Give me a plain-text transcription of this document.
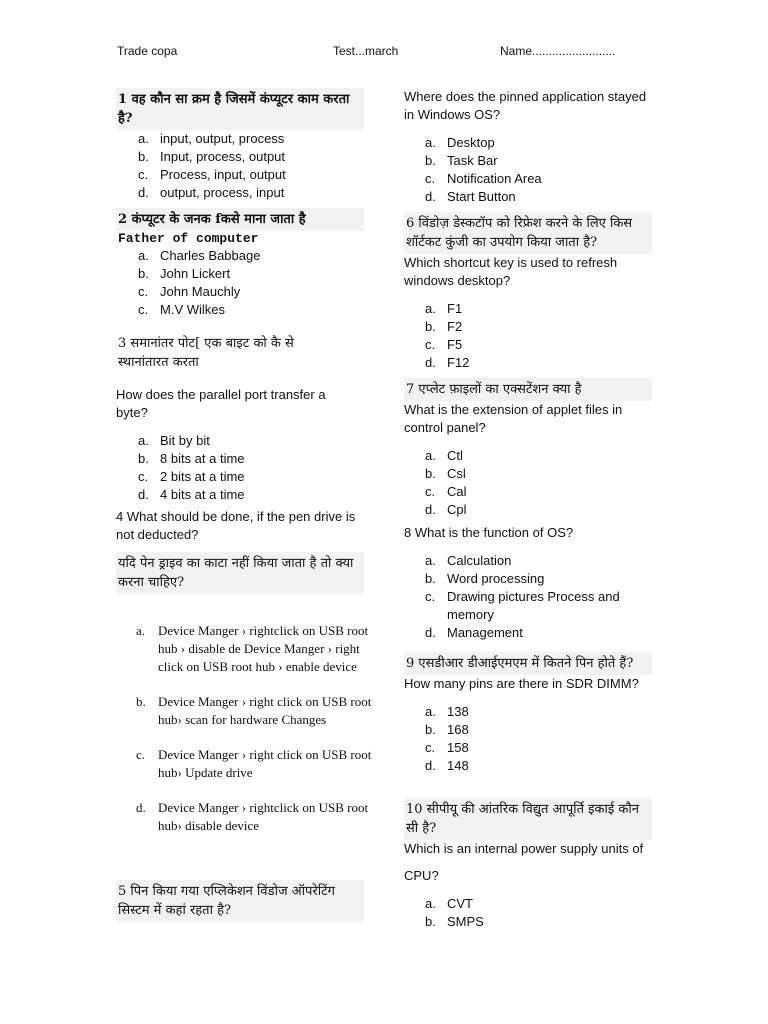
Trade copa	Test...march	Name.........................
1 वह कौन सा क्रम है जिसमें कंप्यूटर काम करता है?
a. input, output, process
b. Input, process, output
c. Process, input, output
d. output, process, input
2 कंप्यूटर के जनक fकसे माना जाता है
Father of computer
a. Charles Babbage
b. John Lickert
c. John Mauchly
c. M.V Wilkes
3 समानांतर पोट[ एक बाइट को कै से स्थानांतारत करता
How does the parallel port transfer a byte?
a. Bit by bit
b. 8 bits at a time
c. 2 bits at a time
d. 4 bits at a time
4 What should be done, if the pen drive is not deducted?
यदि पेन ड्राइव का काटा नहीं किया जाता है तो क्या करना चाहिए?
a. Device Manger › rightclick on USB root hub › disable de Device Manger › right click on USB root hub › enable device
b. Device Manger › right click on USB root hub› scan for hardware Changes
c. Device Manger › right click on USB root hub› Update drive
d. Device Manger › rightclick on USB root hub› disable device
5 पिन किया गया एप्लिकेशन विंडोज ऑपरेटिंग सिस्टम में कहां रहता है?
Where does the pinned application stayed in Windows OS?
a. Desktop
b. Task Bar
c. Notification Area
d. Start Button
6 विंडोज़ डेस्कटॉप को रिफ्रेश करने के लिए किस शॉर्टकट कुंजी का उपयोग किया जाता है?
Which shortcut key is used to refresh windows desktop?
a. F1
b. F2
c. F5
d. F12
7 एप्लेट फ़ाइलों का एक्सटेंशन क्या है
What is the extension of applet files in control panel?
a. Ctl
b. Csl
c. Cal
d. Cpl
8 What is the function of OS?
a. Calculation
b. Word processing
c. Drawing pictures Process and memory
d. Management
9 एसडीआर डीआईएमएम में कितने पिन होते हैं?
How many pins are there in SDR DIMM?
a. 138
b. 168
c. 158
d. 148
10 सीपीयू की आंतरिक विद्युत आपूर्ति इकाई कौन सी है?
Which is an internal power supply units of
CPU?
a. CVT
b. SMPS
